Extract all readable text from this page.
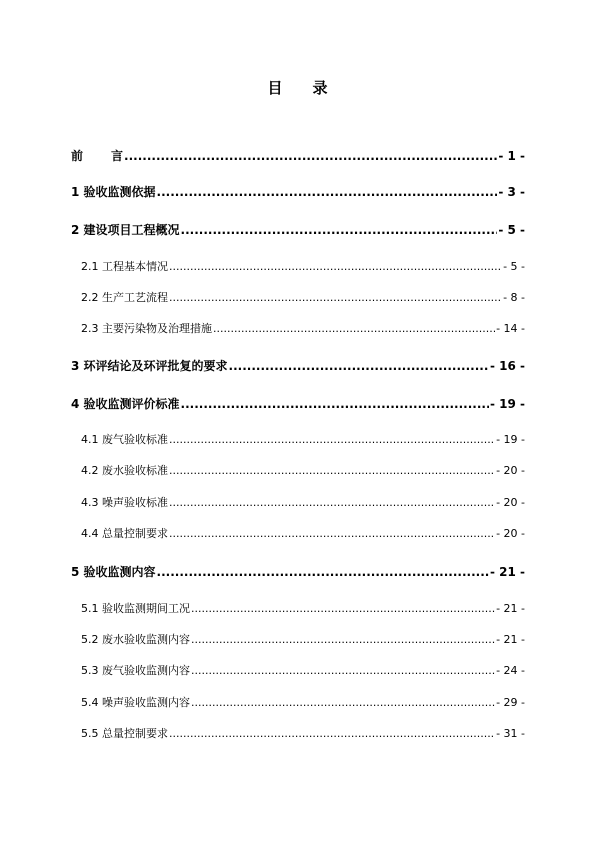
目 录
前 言 .....	- 1 -
1 验收监测依据 .....	- 3 -
2 建设项目工程概况 .....	- 5 -
2.1 工程基本情况 .....	- 5 -
2.2 生产工艺流程 .....	- 8 -
2.3 主要污染物及治理措施 .....	- 14 -
3 环评结论及环评批复的要求 .....	- 16 -
4 验收监测评价标准 .....	- 19 -
4.1 废气验收标准 .....	- 19 -
4.2 废水验收标准 .....	- 20 -
4.3 噪声验收标准 .....	- 20 -
4.4 总量控制要求 .....	- 20 -
5 验收监测内容 .....	- 21 -
5.1 验收监测期间工况 .....	- 21 -
5.2 废水验收监测内容 .....	- 21 -
5.3 废气验收监测内容 .....	- 24 -
5.4 噪声验收监测内容 .....	- 29 -
5.5 总量控制要求 .....	- 31 -
